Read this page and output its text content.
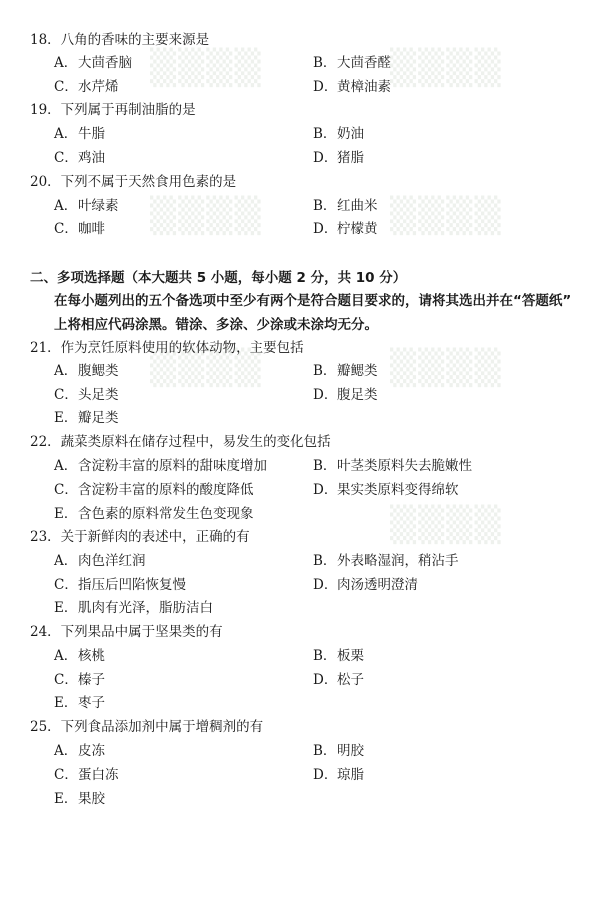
▒▒▒▒	▒▒▒▒
▒▒▒▒	▒▒▒▒
▒▒▒▒	▒▒▒▒
▒▒▒▒
18．八角的香味的主要来源是
A．大茴香脑	B．大茴香醛
C．水芹烯	D．黄樟油素
19．下列属于再制油脂的是
A．牛脂	B．奶油
C．鸡油	D．猪脂
20．下列不属于天然食用色素的是
A．叶绿素	B．红曲米
C．咖啡	D．柠檬黄
二、多项选择题（本大题共 5 小题，每小题 2 分，共 10 分）
在每小题列出的五个备选项中至少有两个是符合题目要求的，请将其选出并在“答题纸”
上将相应代码涂黑。错涂、多涂、少涂或未涂均无分。
21．作为烹饪原料使用的软体动物，主要包括
A．腹鳃类	B．瓣鳃类
C．头足类	D．腹足类
E．瓣足类
22．蔬菜类原料在储存过程中，易发生的变化包括
A．含淀粉丰富的原料的甜味度增加	B．叶茎类原料失去脆嫩性
C．含淀粉丰富的原料的酸度降低	D．果实类原料变得绵软
E．含色素的原料常发生色变现象
23．关于新鲜肉的表述中，正确的有
A．肉色洋红润	B．外表略湿润，稍沾手
C．指压后凹陷恢复慢	D．肉汤透明澄清
E．肌肉有光泽，脂肪洁白
24．下列果品中属于坚果类的有
A．核桃	B．板栗
C．榛子	D．松子
E．枣子
25．下列食品添加剂中属于增稠剂的有
A．皮冻	B．明胶
C．蛋白冻	D．琼脂
E．果胶
